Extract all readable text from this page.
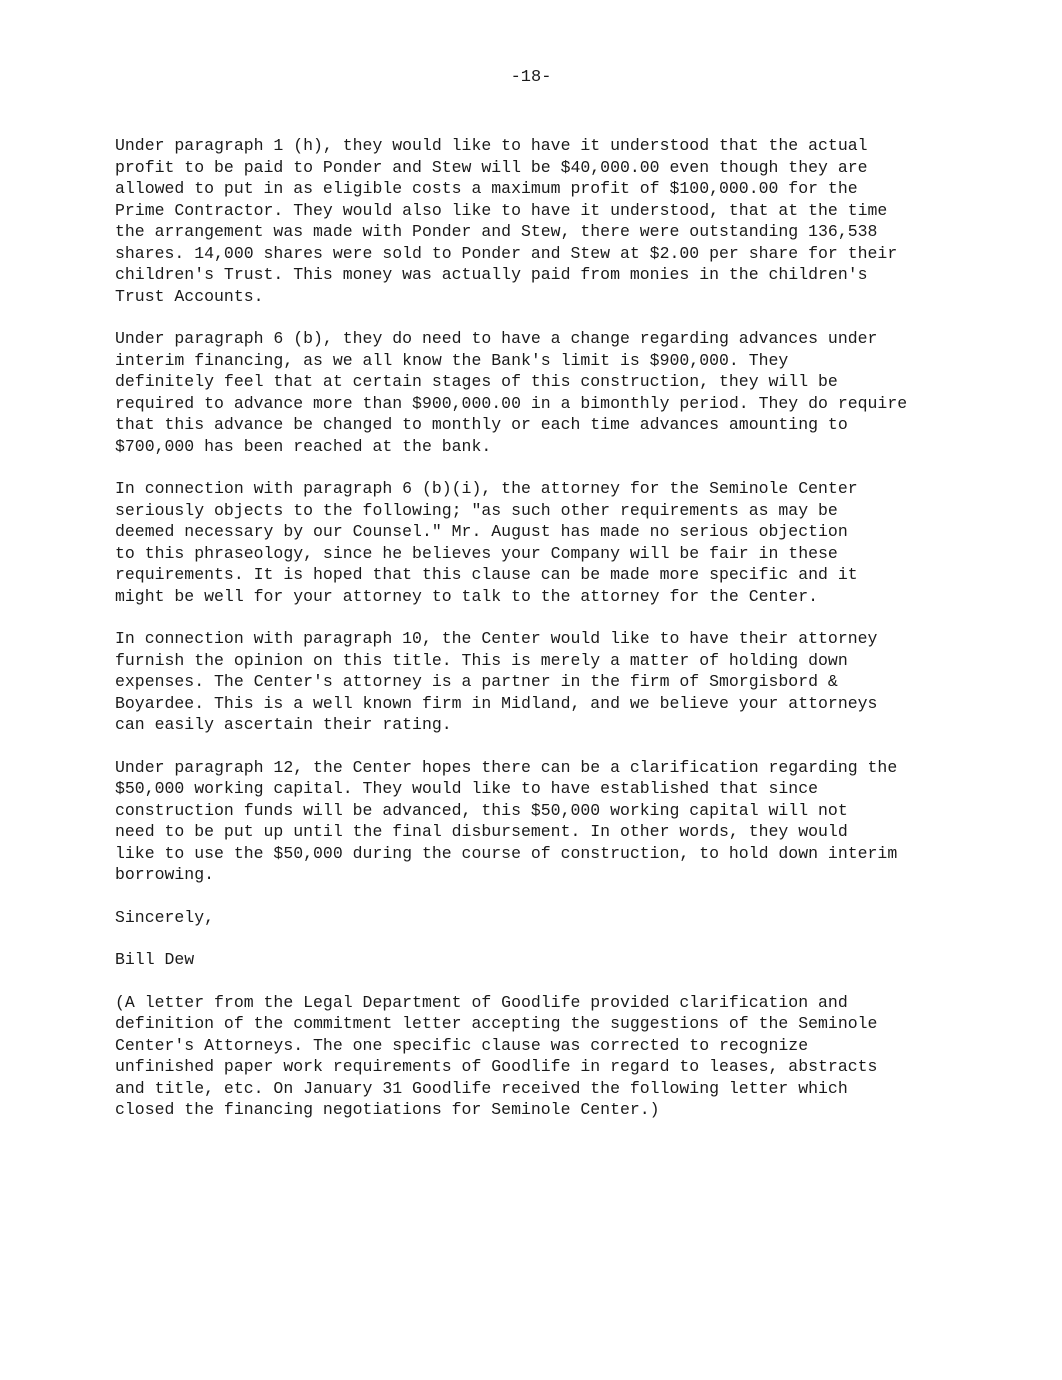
-18-

Under paragraph 1 (h), they would like to have it understood that the actual
profit to be paid to Ponder and Stew will be $40,000.00 even though they are
allowed to put in as eligible costs a maximum profit of $100,000.00 for the
Prime Contractor. They would also like to have it understood, that at the time
the arrangement was made with Ponder and Stew, there were outstanding 136,538
shares. 14,000 shares were sold to Ponder and Stew at $2.00 per share for their
children's Trust. This money was actually paid from monies in the children's
Trust Accounts.

Under paragraph 6 (b), they do need to have a change regarding advances under
interim financing, as we all know the Bank's limit is $900,000. They
definitely feel that at certain stages of this construction, they will be
required to advance more than $900,000.00 in a bimonthly period. They do require
that this advance be changed to monthly or each time advances amounting to
$700,000 has been reached at the bank.

In connection with paragraph 6 (b)(i), the attorney for the Seminole Center
seriously objects to the following; "as such other requirements as may be
deemed necessary by our Counsel." Mr. August has made no serious objection
to this phraseology, since he believes your Company will be fair in these
requirements. It is hoped that this clause can be made more specific and it
might be well for your attorney to talk to the attorney for the Center.

In connection with paragraph 10, the Center would like to have their attorney
furnish the opinion on this title. This is merely a matter of holding down
expenses. The Center's attorney is a partner in the firm of Smorgisbord &
Boyardee. This is a well known firm in Midland, and we believe your attorneys
can easily ascertain their rating.

Under paragraph 12, the Center hopes there can be a clarification regarding the
$50,000 working capital. They would like to have established that since
construction funds will be advanced, this $50,000 working capital will not
need to be put up until the final disbursement. In other words, they would
like to use the $50,000 during the course of construction, to hold down interim
borrowing.

Sincerely,

Bill Dew

(A letter from the Legal Department of Goodlife provided clarification and
definition of the commitment letter accepting the suggestions of the Seminole
Center's Attorneys. The one specific clause was corrected to recognize
unfinished paper work requirements of Goodlife in regard to leases, abstracts
and title, etc. On January 31 Goodlife received the following letter which
closed the financing negotiations for Seminole Center.)
